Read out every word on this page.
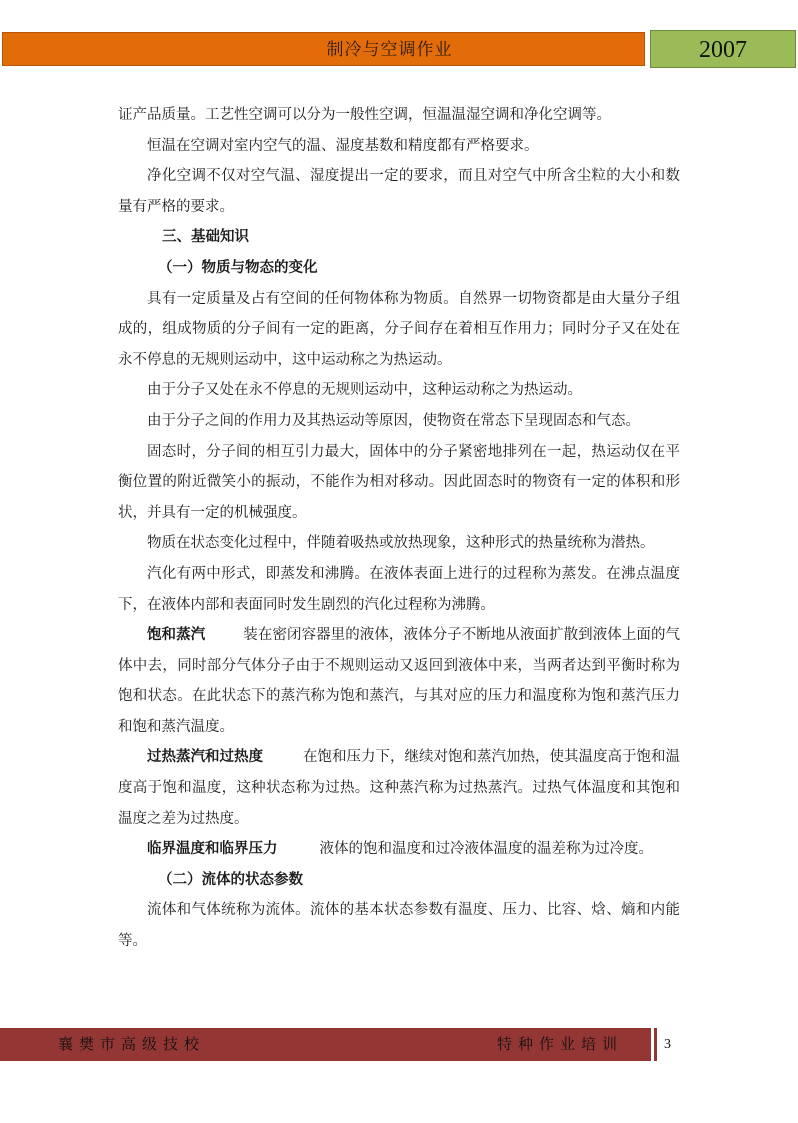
制冷与空调作业	2007

证产品质量。工艺性空调可以分为一般性空调，恒温温湿空调和净化空调等。

恒温在空调对室内空气的温、湿度基数和精度都有严格要求。

净化空调不仅对空气温、湿度提出一定的要求，而且对空气中所含尘粒的大小和数量有严格的要求。

三、基础知识

（一）物质与物态的变化

具有一定质量及占有空间的任何物体称为物质。自然界一切物资都是由大量分子组成的，组成物质的分子间有一定的距离，分子间存在着相互作用力；同时分子又在处在永不停息的无规则运动中，这中运动称之为热运动。

由于分子又处在永不停息的无规则运动中，这种运动称之为热运动。

由于分子之间的作用力及其热运动等原因，使物资在常态下呈现固态和气态。

固态时，分子间的相互引力最大，固体中的分子紧密地排列在一起，热运动仅在平衡位置的附近微笑小的振动，不能作为相对移动。因此固态时的物资有一定的体积和形状，并具有一定的机械强度。

物质在状态变化过程中，伴随着吸热或放热现象，这种形式的热量统称为潜热。

汽化有两中形式，即蒸发和沸腾。在液体表面上进行的过程称为蒸发。在沸点温度下，在液体内部和表面同时发生剧烈的汽化过程称为沸腾。

饱和蒸汽	装在密闭容器里的液体，液体分子不断地从液面扩散到液体上面的气体中去，同时部分气体分子由于不规则运动又返回到液体中来，当两者达到平衡时称为饱和状态。在此状态下的蒸汽称为饱和蒸汽，与其对应的压力和温度称为饱和蒸汽压力和饱和蒸汽温度。

过热蒸汽和过热度	在饱和压力下，继续对饱和蒸汽加热，使其温度高于饱和温度高于饱和温度，这种状态称为过热。这种蒸汽称为过热蒸汽。过热气体温度和其饱和温度之差为过热度。

临界温度和临界压力	液体的饱和温度和过冷液体温度的温差称为过冷度。

（二）流体的状态参数

流体和气体统称为流体。流体的基本状态参数有温度、压力、比容、焓、熵和内能等。

襄樊市高级技校	特种作业培训	3
